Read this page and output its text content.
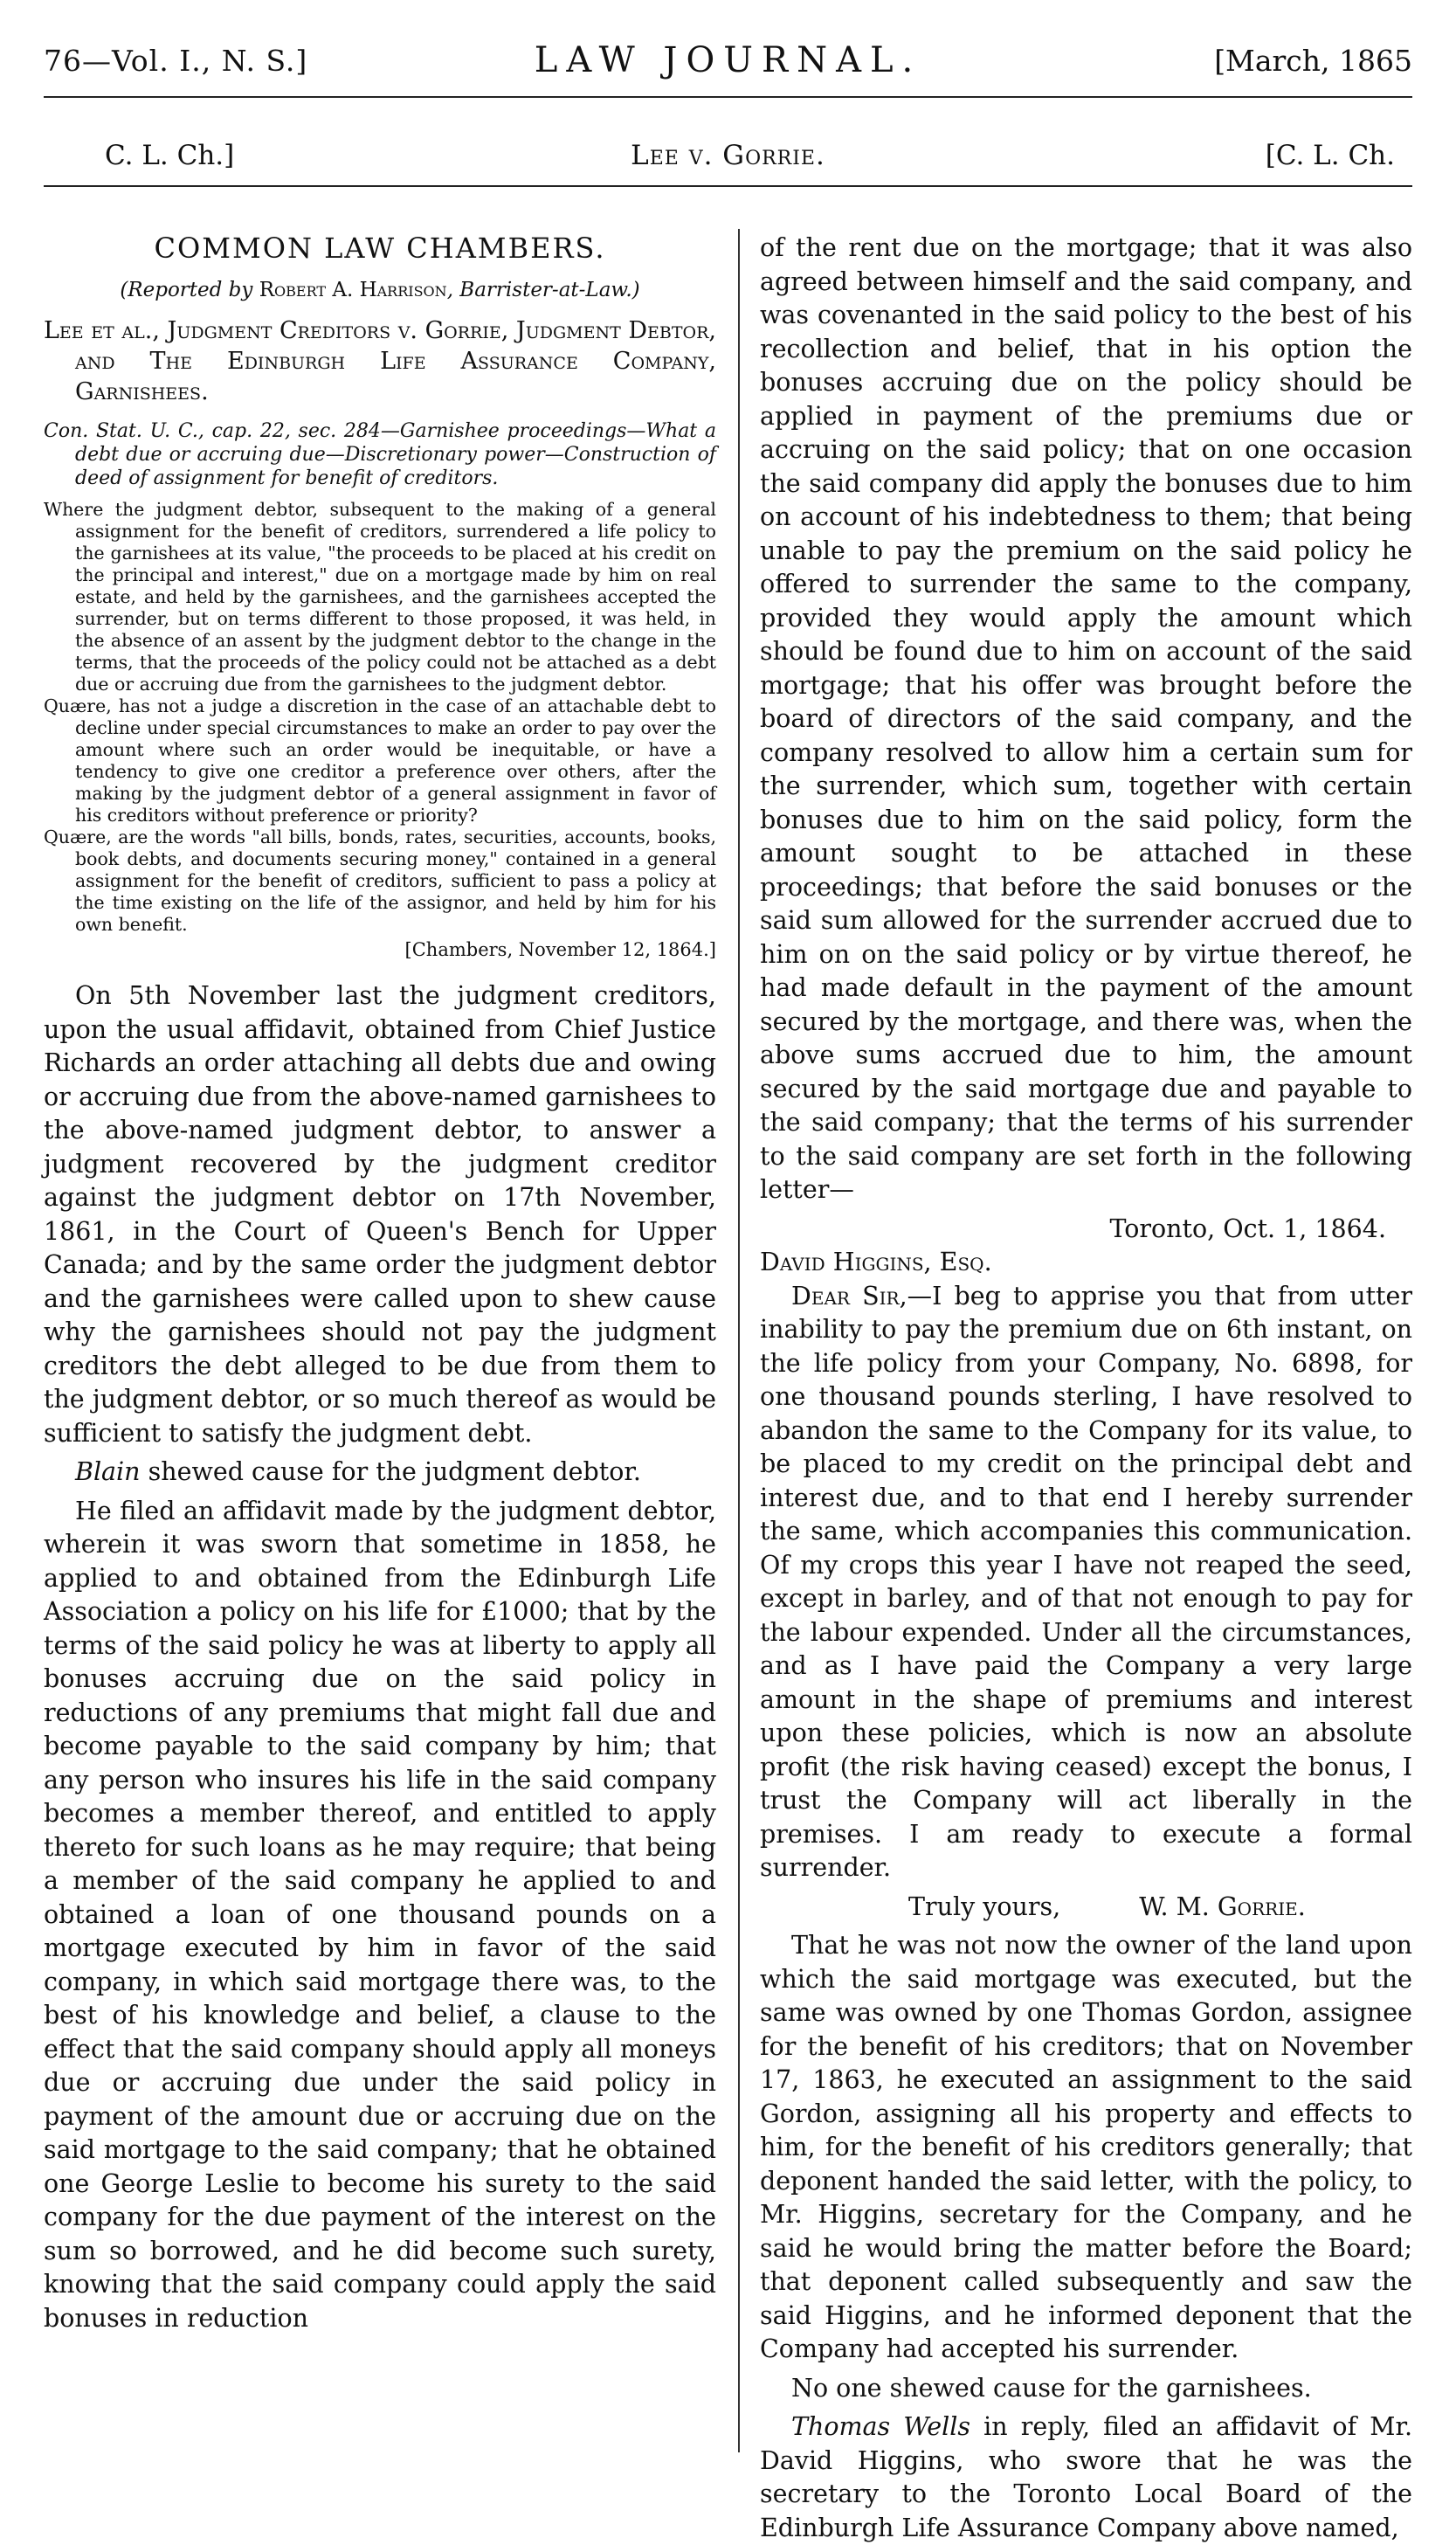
76—Vol. I., N. S.]	LAW JOURNAL.	[March, 1865
C. L. Ch.]	Lee v. Gorrie.	[C. L. Ch.

COMMON LAW CHAMBERS.

(Reported by Robert A. Harrison, Barrister-at-Law.)

Lee et al., Judgment Creditors v. Gorrie, Judgment Debtor, and The Edinburgh Life Assurance Company, Garnishees.

Con. Stat. U. C., cap. 22, sec. 284—Garnishee proceedings—What a debt due or accruing due—Discretionary power—Construction of deed of assignment for benefit of creditors.

Where the judgment debtor, subsequent to the making of a general assignment for the benefit of creditors, surrendered a life policy to the garnishees at its value, "the proceeds to be placed at his credit on the principal and interest," due on a mortgage made by him on real estate, and held by the garnishees, and the garnishees accepted the surrender, but on terms different to those proposed, it was held, in the absence of an assent by the judgment debtor to the change in the terms, that the proceeds of the policy could not be attached as a debt due or accruing due from the garnishees to the judgment debtor.

Quære, has not a judge a discretion in the case of an attachable debt to decline under special circumstances to make an order to pay over the amount where such an order would be inequitable, or have a tendency to give one creditor a preference over others, after the making by the judgment debtor of a general assignment in favor of his creditors without preference or priority?

Quære, are the words "all bills, bonds, rates, securities, accounts, books, book debts, and documents securing money," contained in a general assignment for the benefit of creditors, sufficient to pass a policy at the time existing on the life of the assignor, and held by him for his own benefit.

[Chambers, November 12, 1864.]

On 5th November last the judgment creditors, upon the usual affidavit, obtained from Chief Justice Richards an order attaching all debts due and owing or accruing due from the above-named garnishees to the above-named judgment debtor, to answer a judgment recovered by the judgment creditor against the judgment debtor on 17th November, 1861, in the Court of Queen's Bench for Upper Canada; and by the same order the judgment debtor and the garnishees were called upon to shew cause why the garnishees should not pay the judgment creditors the debt alleged to be due from them to the judgment debtor, or so much thereof as would be sufficient to satisfy the judgment debt.

Blain shewed cause for the judgment debtor.

He filed an affidavit made by the judgment debtor, wherein it was sworn that sometime in 1858, he applied to and obtained from the Edinburgh Life Association a policy on his life for £1000; that by the terms of the said policy he was at liberty to apply all bonuses accruing due on the said policy in reductions of any premiums that might fall due and become payable to the said company by him; that any person who insures his life in the said company becomes a member thereof, and entitled to apply thereto for such loans as he may require; that being a member of the said company he applied to and obtained a loan of one thousand pounds on a mortgage executed by him in favor of the said company, in which said mortgage there was, to the best of his knowledge and belief, a clause to the effect that the said company should apply all moneys due or accruing due under the said policy in payment of the amount due or accruing due on the said mortgage to the said company; that he obtained one George Leslie to become his surety to the said company for the due payment of the interest on the sum so borrowed, and he did become such surety, knowing that the said company could apply the said bonuses in reduction

of the rent due on the mortgage; that it was also agreed between himself and the said company, and was covenanted in the said policy to the best of his recollection and belief, that in his option the bonuses accruing due on the policy should be applied in payment of the premiums due or accruing on the said policy; that on one occasion the said company did apply the bonuses due to him on account of his indebtedness to them; that being unable to pay the premium on the said policy he offered to surrender the same to the company, provided they would apply the amount which should be found due to him on account of the said mortgage; that his offer was brought before the board of directors of the said company, and the company resolved to allow him a certain sum for the surrender, which sum, together with certain bonuses due to him on the said policy, form the amount sought to be attached in these proceedings; that before the said bonuses or the said sum allowed for the surrender accrued due to him on on the said policy or by virtue thereof, he had made default in the payment of the amount secured by the mortgage, and there was, when the above sums accrued due to him, the amount secured by the said mortgage due and payable to the said company; that the terms of his surrender to the said company are set forth in the following letter—

Toronto, Oct. 1, 1864.

David Higgins, Esq.

Dear Sir,—I beg to apprise you that from utter inability to pay the premium due on 6th instant, on the life policy from your Company, No. 6898, for one thousand pounds sterling, I have resolved to abandon the same to the Company for its value, to be placed to my credit on the principal debt and interest due, and to that end I hereby surrender the same, which accompanies this communication. Of my crops this year I have not reaped the seed, except in barley, and of that not enough to pay for the labour expended. Under all the circumstances, and as I have paid the Company a very large amount in the shape of premiums and interest upon these policies, which is now an absolute profit (the risk having ceased) except the bonus, I trust the Company will act liberally in the premises. I am ready to execute a formal surrender.

Truly yours,	W. M. Gorrie.

That he was not now the owner of the land upon which the said mortgage was executed, but the same was owned by one Thomas Gordon, assignee for the benefit of his creditors; that on November 17, 1863, he executed an assignment to the said Gordon, assigning all his property and effects to him, for the benefit of his creditors generally; that deponent handed the said letter, with the policy, to Mr. Higgins, secretary for the Company, and he said he would bring the matter before the Board; that deponent called subsequently and saw the said Higgins, and he informed deponent that the Company had accepted his surrender.

No one shewed cause for the garnishees.

Thomas Wells in reply, filed an affidavit of Mr. David Higgins, who swore that he was the secretary to the Toronto Local Board of the Edinburgh Life Assurance Company above named,
